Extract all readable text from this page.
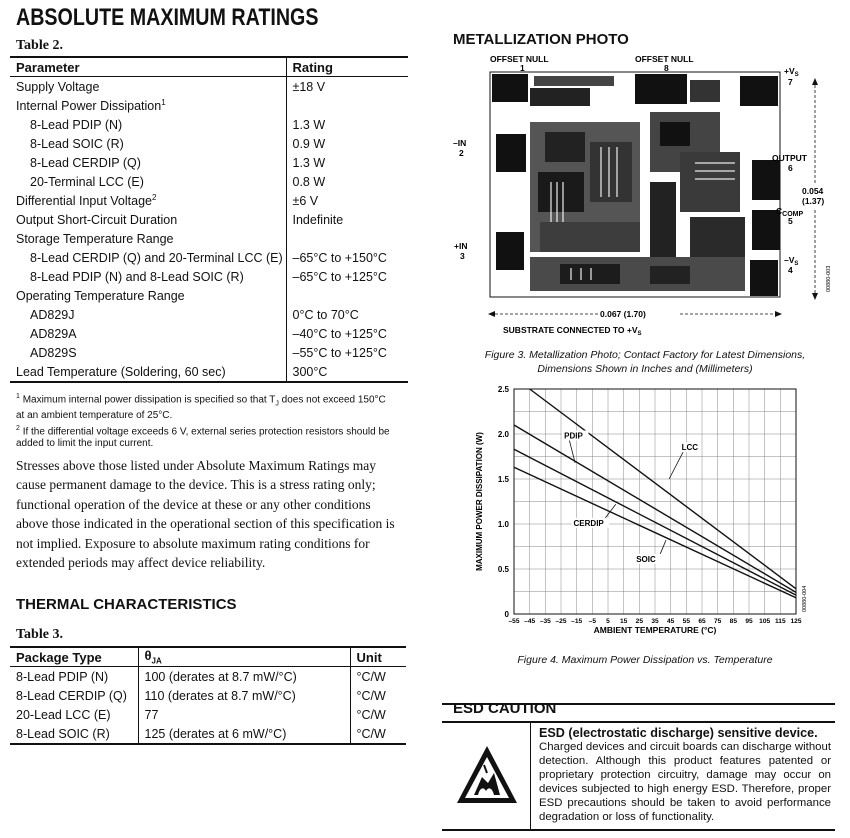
ABSOLUTE MAXIMUM RATINGS
Table 2.
Parameter	Rating
Supply Voltage	±18 V
Internal Power Dissipation$^1$	
8-Lead PDIP (N)	1.3 W
8-Lead SOIC (R)	0.9 W
8-Lead CERDIP (Q)	1.3 W
20-Terminal LCC (E)	0.8 W
Differential Input Voltage$^2$	±6 V
Output Short-Circuit Duration	Indefinite
Storage Temperature Range	
8-Lead CERDIP (Q) and 20-Terminal LCC (E)	–65°C to +150°C
8-Lead PDIP (N) and 8-Lead SOIC (R)	–65°C to +125°C
Operating Temperature Range	
AD829J	0°C to 70°C
AD829A	–40°C to +125°C
AD829S	–55°C to +125°C
Lead Temperature (Soldering, 60 sec)	300°C
$^1$ Maximum internal power dissipation is specified so that $T_J$ does not exceed 150°C at an ambient temperature of 25°C.
$^2$ If the differential voltage exceeds 6 V, external series protection resistors should be added to limit the input current.
Stresses above those listed under Absolute Maximum Ratings may cause permanent damage to the device. This is a stress rating only; functional operation of the device at these or any other conditions above those indicated in the operational section of this specification is not implied. Exposure to absolute maximum rating conditions for extended periods may affect device reliability.
THERMAL CHARACTERISTICS
Table 3.
Package Type	$\theta_{JA}$	Unit
8-Lead PDIP (N)	100 (derates at 8.7 mW/°C)	°C/W
8-Lead CERDIP (Q)	110 (derates at 8.7 mW/°C)	°C/W
20-Lead LCC (E)	77	°C/W
8-Lead SOIC (R)	125 (derates at 6 mW/°C)	°C/W
METALLIZATION PHOTO
OFFSET NULL
1
OFFSET NULL
8	$+V_S$
7
–IN
2	OUTPUT
6
$C_{COMP}$
5
+IN
3	$-V_S$
4
0.054
(1.37)
0.067 (1.70)
SUBSTRATE CONNECTED TO $+V_S$
00880-003
Figure 3. Metallization Photo; Contact Factory for Latest Dimensions,
Dimensions Shown in Inches and (Millimeters)
–55 –45 –35 –25 –15 –5 5 15 25 35 45 55 65 75 85 95 105 115 125
0
0.5
1.0
1.5
2.0
2.5
AMBIENT TEMPERATURE (°C)
MAXIMUM POWER DISSIPATION (W)
00880-004
LCC
PDIP
CERDIP
SOIC
Figure 4. Maximum Power Dissipation vs. Temperature
ESD CAUTION
ESD (electrostatic discharge) sensitive device.
Charged devices and circuit boards can discharge without detection. Although this product features patented or proprietary protection circuitry, damage may occur on devices subjected to high energy ESD. Therefore, proper ESD precautions should be taken to avoid performance degradation or loss of functionality.
